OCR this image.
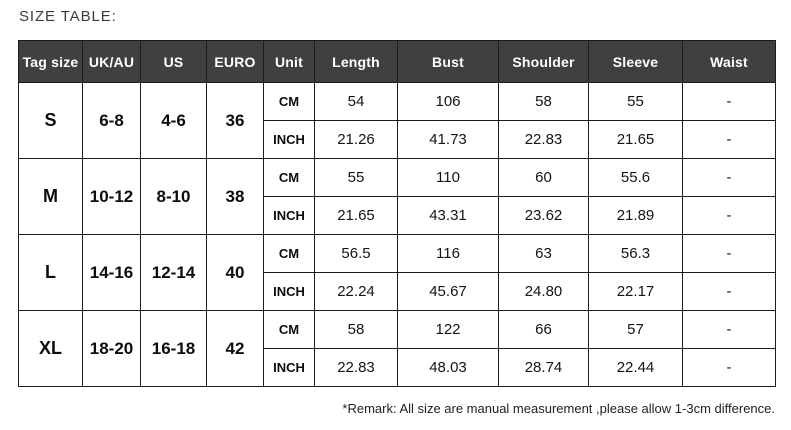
SIZE TABLE:
Tag size	UK/AU	US	EURO	Unit	Length	Bust	Shoulder	Sleeve	Waist
S	6-8	4-6	36	CM	54	106	58	55	-
				INCH	21.26	41.73	22.83	21.65	-
M	10-12	8-10	38	CM	55	110	60	55.6	-
				INCH	21.65	43.31	23.62	21.89	-
L	14-16	12-14	40	CM	56.5	116	63	56.3	-
				INCH	22.24	45.67	24.80	22.17	-
XL	18-20	16-18	42	CM	58	122	66	57	-
				INCH	22.83	48.03	28.74	22.44	-
*Remark: All size are manual measurement ,please allow 1-3cm difference.
